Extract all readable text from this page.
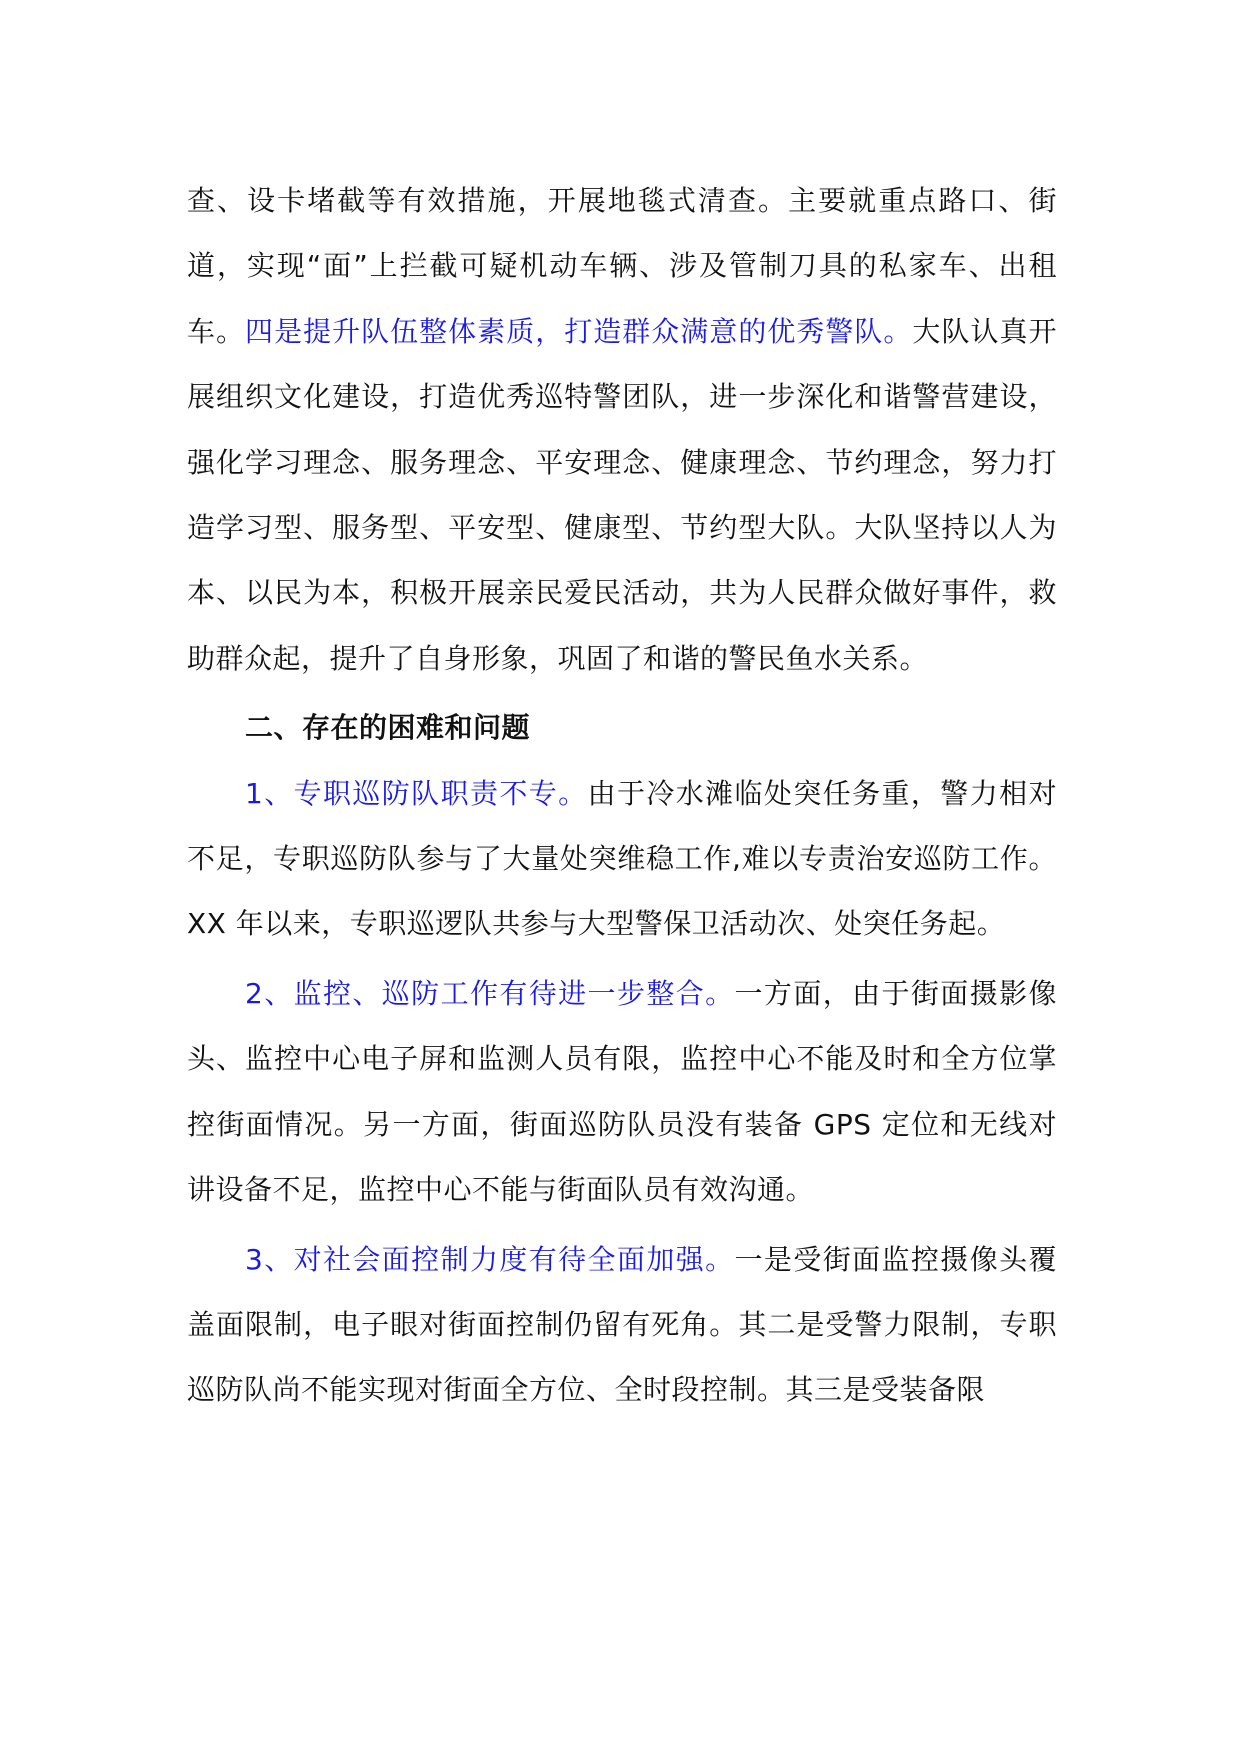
查、设卡堵截等有效措施，开展地毯式清查。主要就重点路口、街道，实现“面”上拦截可疑机动车辆、涉及管制刀具的私家车、出租车。四是提升队伍整体素质，打造群众满意的优秀警队。大队认真开展组织文化建设，打造优秀巡特警团队，进一步深化和谐警营建设，强化学习理念、服务理念、平安理念、健康理念、节约理念，努力打造学习型、服务型、平安型、健康型、节约型大队。大队坚持以人为本、以民为本，积极开展亲民爱民活动，共为人民群众做好事件，救助群众起，提升了自身形象，巩固了和谐的警民鱼水关系。

二、存在的困难和问题

1、专职巡防队职责不专。由于冷水滩临处突任务重，警力相对不足，专职巡防队参与了大量处突维稳工作,难以专责治安巡防工作。XX 年以来，专职巡逻队共参与大型警保卫活动次、处突任务起。

2、监控、巡防工作有待进一步整合。一方面，由于街面摄影像头、监控中心电子屏和监测人员有限，监控中心不能及时和全方位掌控街面情况。另一方面，街面巡防队员没有装备 GPS 定位和无线对讲设备不足，监控中心不能与街面队员有效沟通。

3、对社会面控制力度有待全面加强。一是受街面监控摄像头覆盖面限制，电子眼对街面控制仍留有死角。其二是受警力限制，专职巡防队尚不能实现对街面全方位、全时段控制。其三是受装备限
